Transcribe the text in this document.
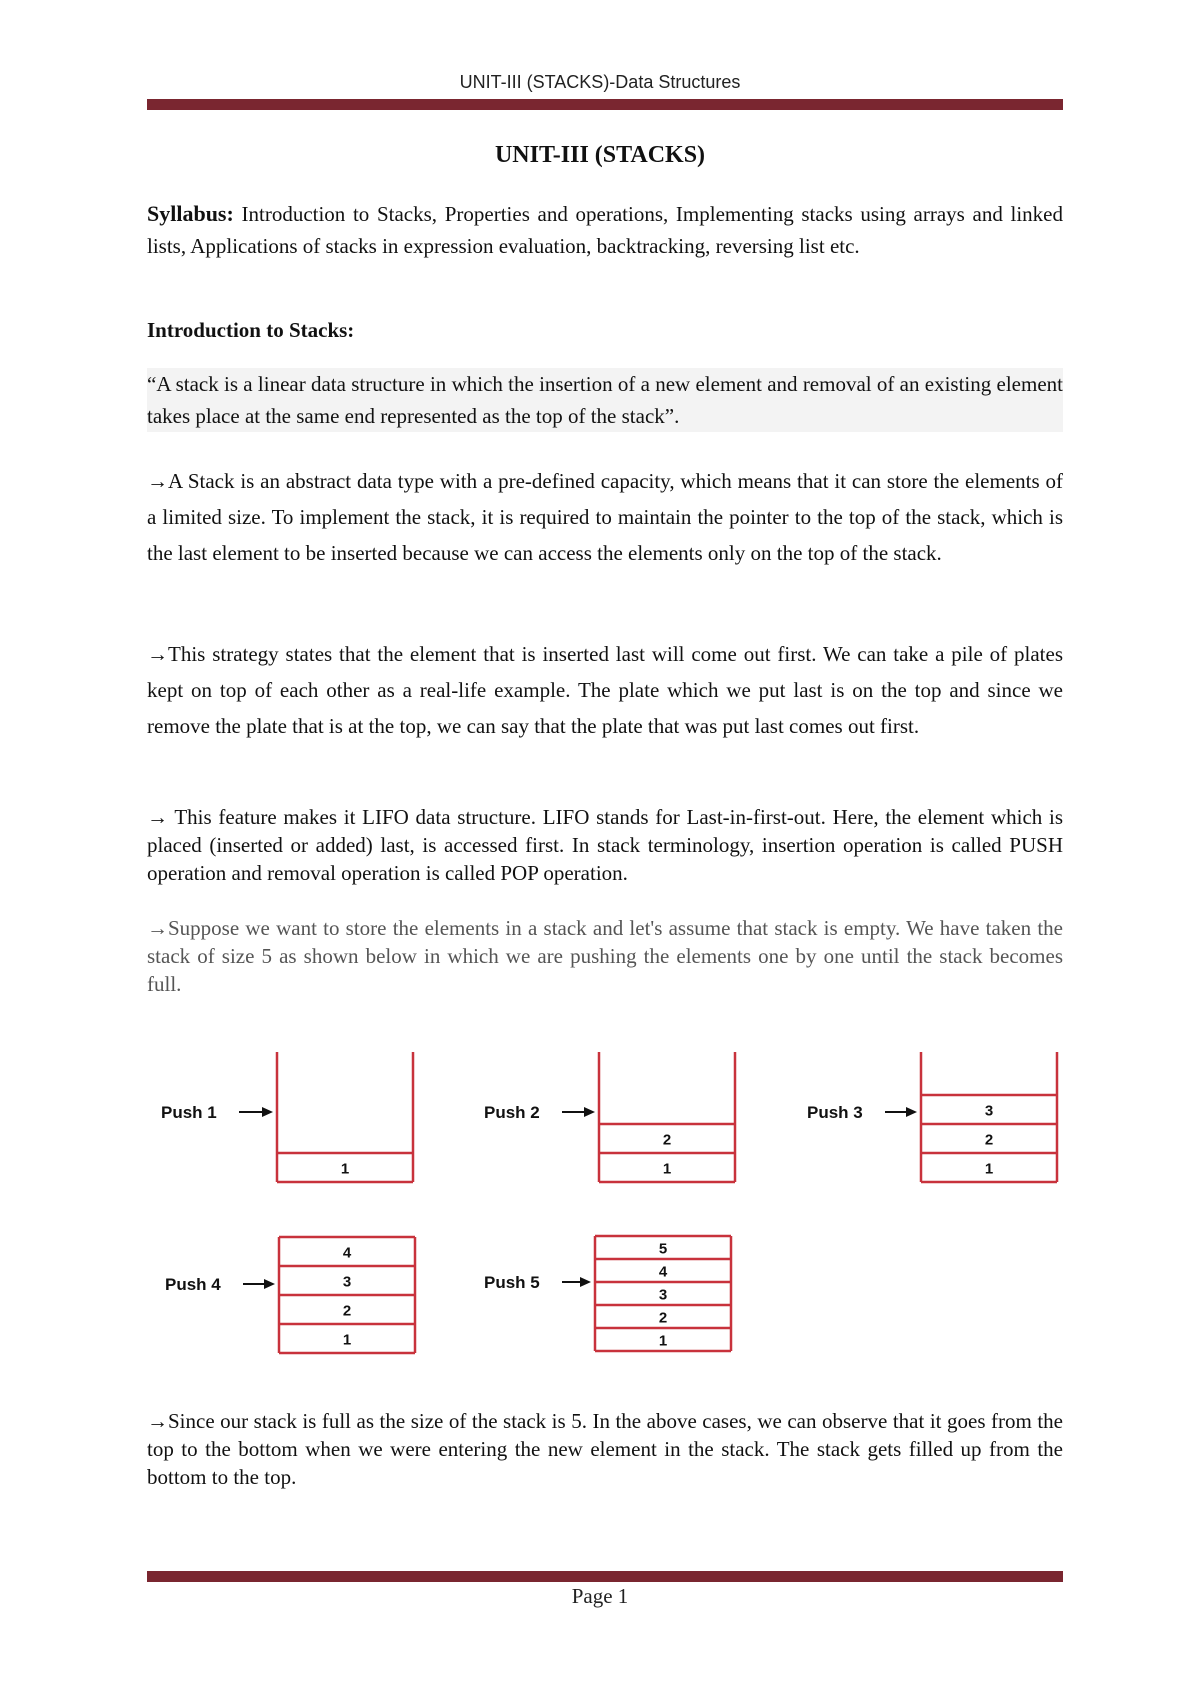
UNIT-III (STACKS)-Data Structures
UNIT-III (STACKS)

Syllabus: Introduction to Stacks, Properties and operations, Implementing stacks using arrays and linked lists, Applications of stacks in expression evaluation, backtracking, reversing list etc.

Introduction to Stacks:

“A stack is a linear data structure in which the insertion of a new element and removal of an existing element takes place at the same end represented as the top of the stack”.

→A Stack is an abstract data type with a pre-defined capacity, which means that it can store the elements of a limited size. To implement the stack, it is required to maintain the pointer to the top of the stack, which is the last element to be inserted because we can access the elements only on the top of the stack.

→This strategy states that the element that is inserted last will come out first. We can take a pile of plates kept on top of each other as a real-life example. The plate which we put last is on the top and since we remove the plate that is at the top, we can say that the plate that was put last comes out first.

→ This feature makes it LIFO data structure. LIFO stands for Last-in-first-out. Here, the element which is placed (inserted or added) last, is accessed first. In stack terminology, insertion operation is called PUSH operation and removal operation is called POP operation.

→Suppose we want to store the elements in a stack and let's assume that stack is empty. We have taken the stack of size 5 as shown below in which we are pushing the elements one by one until the stack becomes full.

1
Push 1
2
1
Push 2	3
2
1
Push 3
4
3
2
1
Push 4
5
4
3
2
1
Push 5

→Since our stack is full as the size of the stack is 5. In the above cases, we can observe that it goes from the top to the bottom when we were entering the new element in the stack. The stack gets filled up from the bottom to the top.

Page 1
